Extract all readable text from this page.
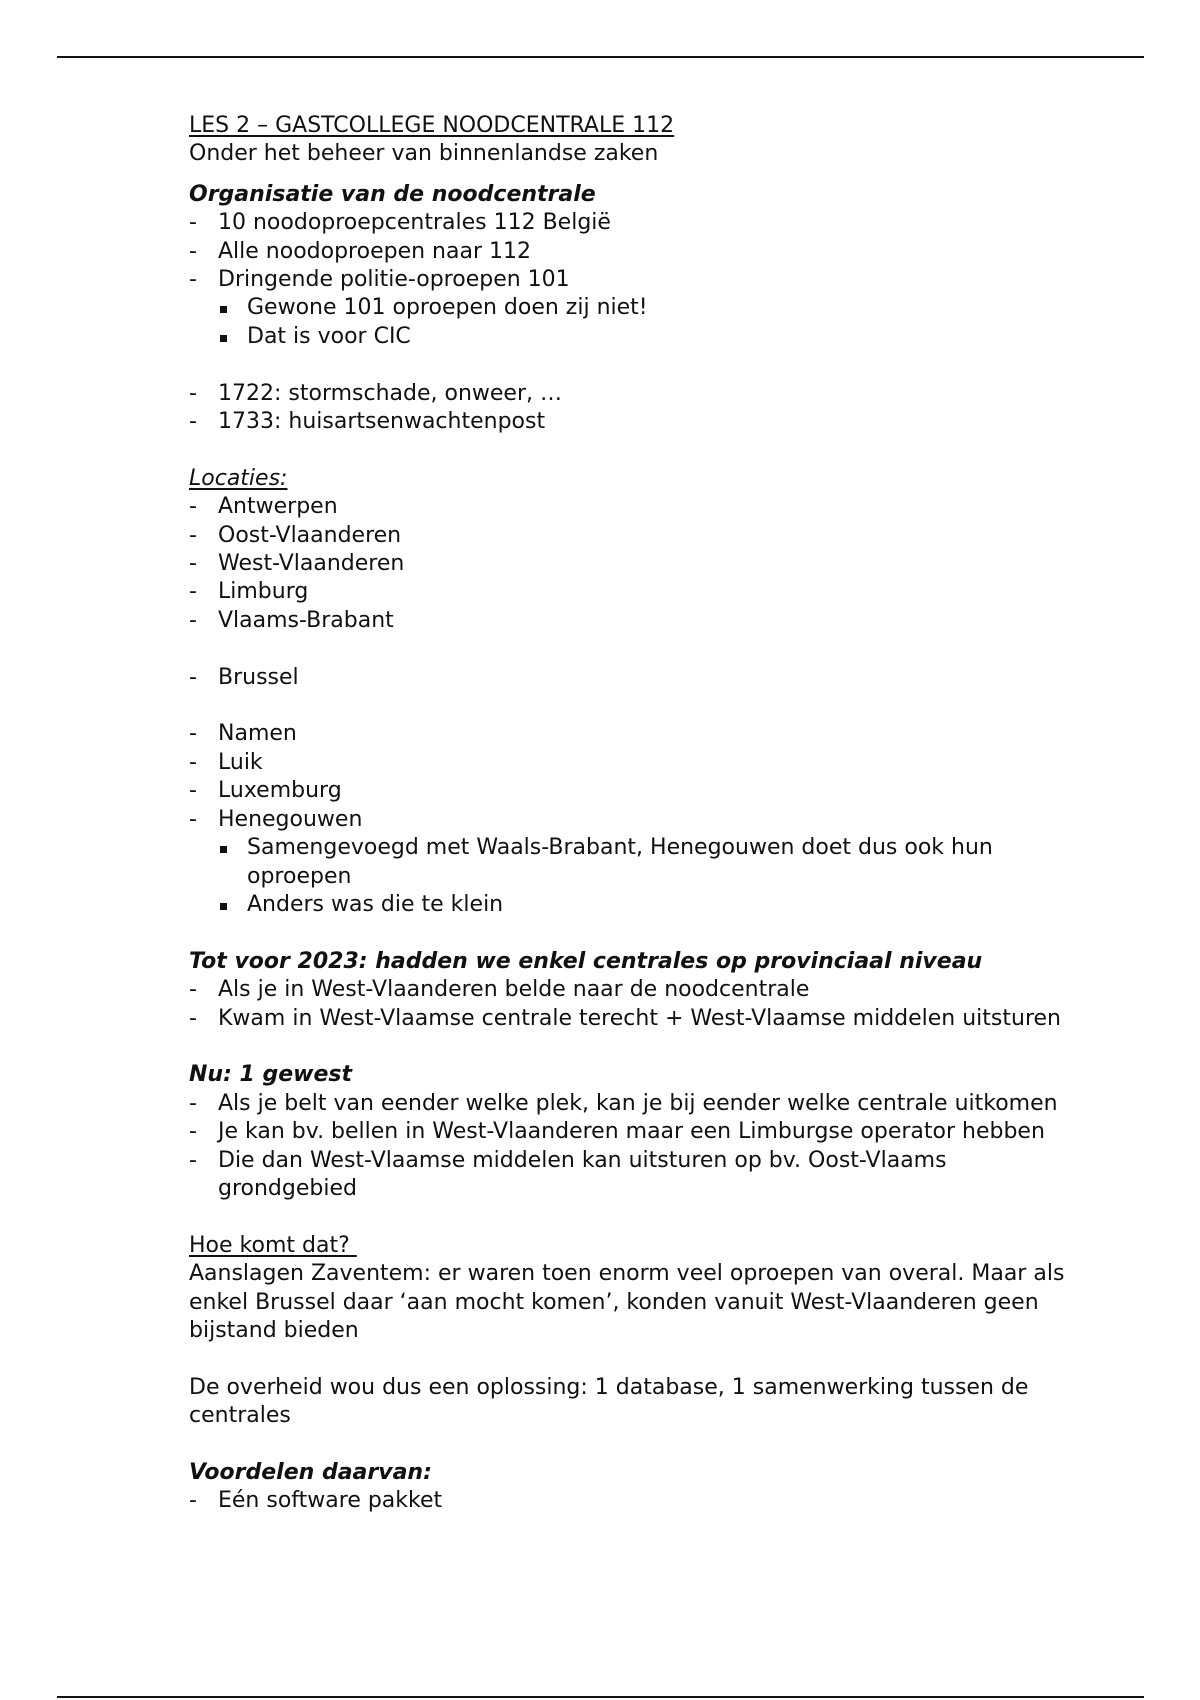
LES 2 – GASTCOLLEGE NOODCENTRALE 112

Onder het beheer van binnenlandse zaken

Organisatie van de noodcentrale

- 10 noodoproepcentrales 112 België
- Alle noodoproepen naar 112
- Dringende politie-oproepen 101
Gewone 101 oproepen doen zij niet!
Dat is voor CIC
- 1722: stormschade, onweer, …
- 1733: huisartsenwachtenpost

Locaties:

- Antwerpen
- Oost-Vlaanderen
- West-Vlaanderen
- Limburg
- Vlaams-Brabant
- Brussel
- Namen
- Luik
- Luxemburg
- Henegouwen
Samengevoegd met Waals-Brabant, Henegouwen doet dus ook hun oproepen
Anders was die te klein

Tot voor 2023: hadden we enkel centrales op provinciaal niveau

- Als je in West-Vlaanderen belde naar de noodcentrale
- Kwam in West-Vlaamse centrale terecht + West-Vlaamse middelen uitsturen

Nu: 1 gewest

- Als je belt van eender welke plek, kan je bij eender welke centrale uitkomen
- Je kan bv. bellen in West-Vlaanderen maar een Limburgse operator hebben
- Die dan West-Vlaamse middelen kan uitsturen op bv. Oost-Vlaams grondgebied

Hoe komt dat?

Aanslagen Zaventem: er waren toen enorm veel oproepen van overal. Maar als enkel Brussel daar ‘aan mocht komen’, konden vanuit West-Vlaanderen geen bijstand bieden

De overheid wou dus een oplossing: 1 database, 1 samenwerking tussen de centrales

Voordelen daarvan:

- Eén software pakket
